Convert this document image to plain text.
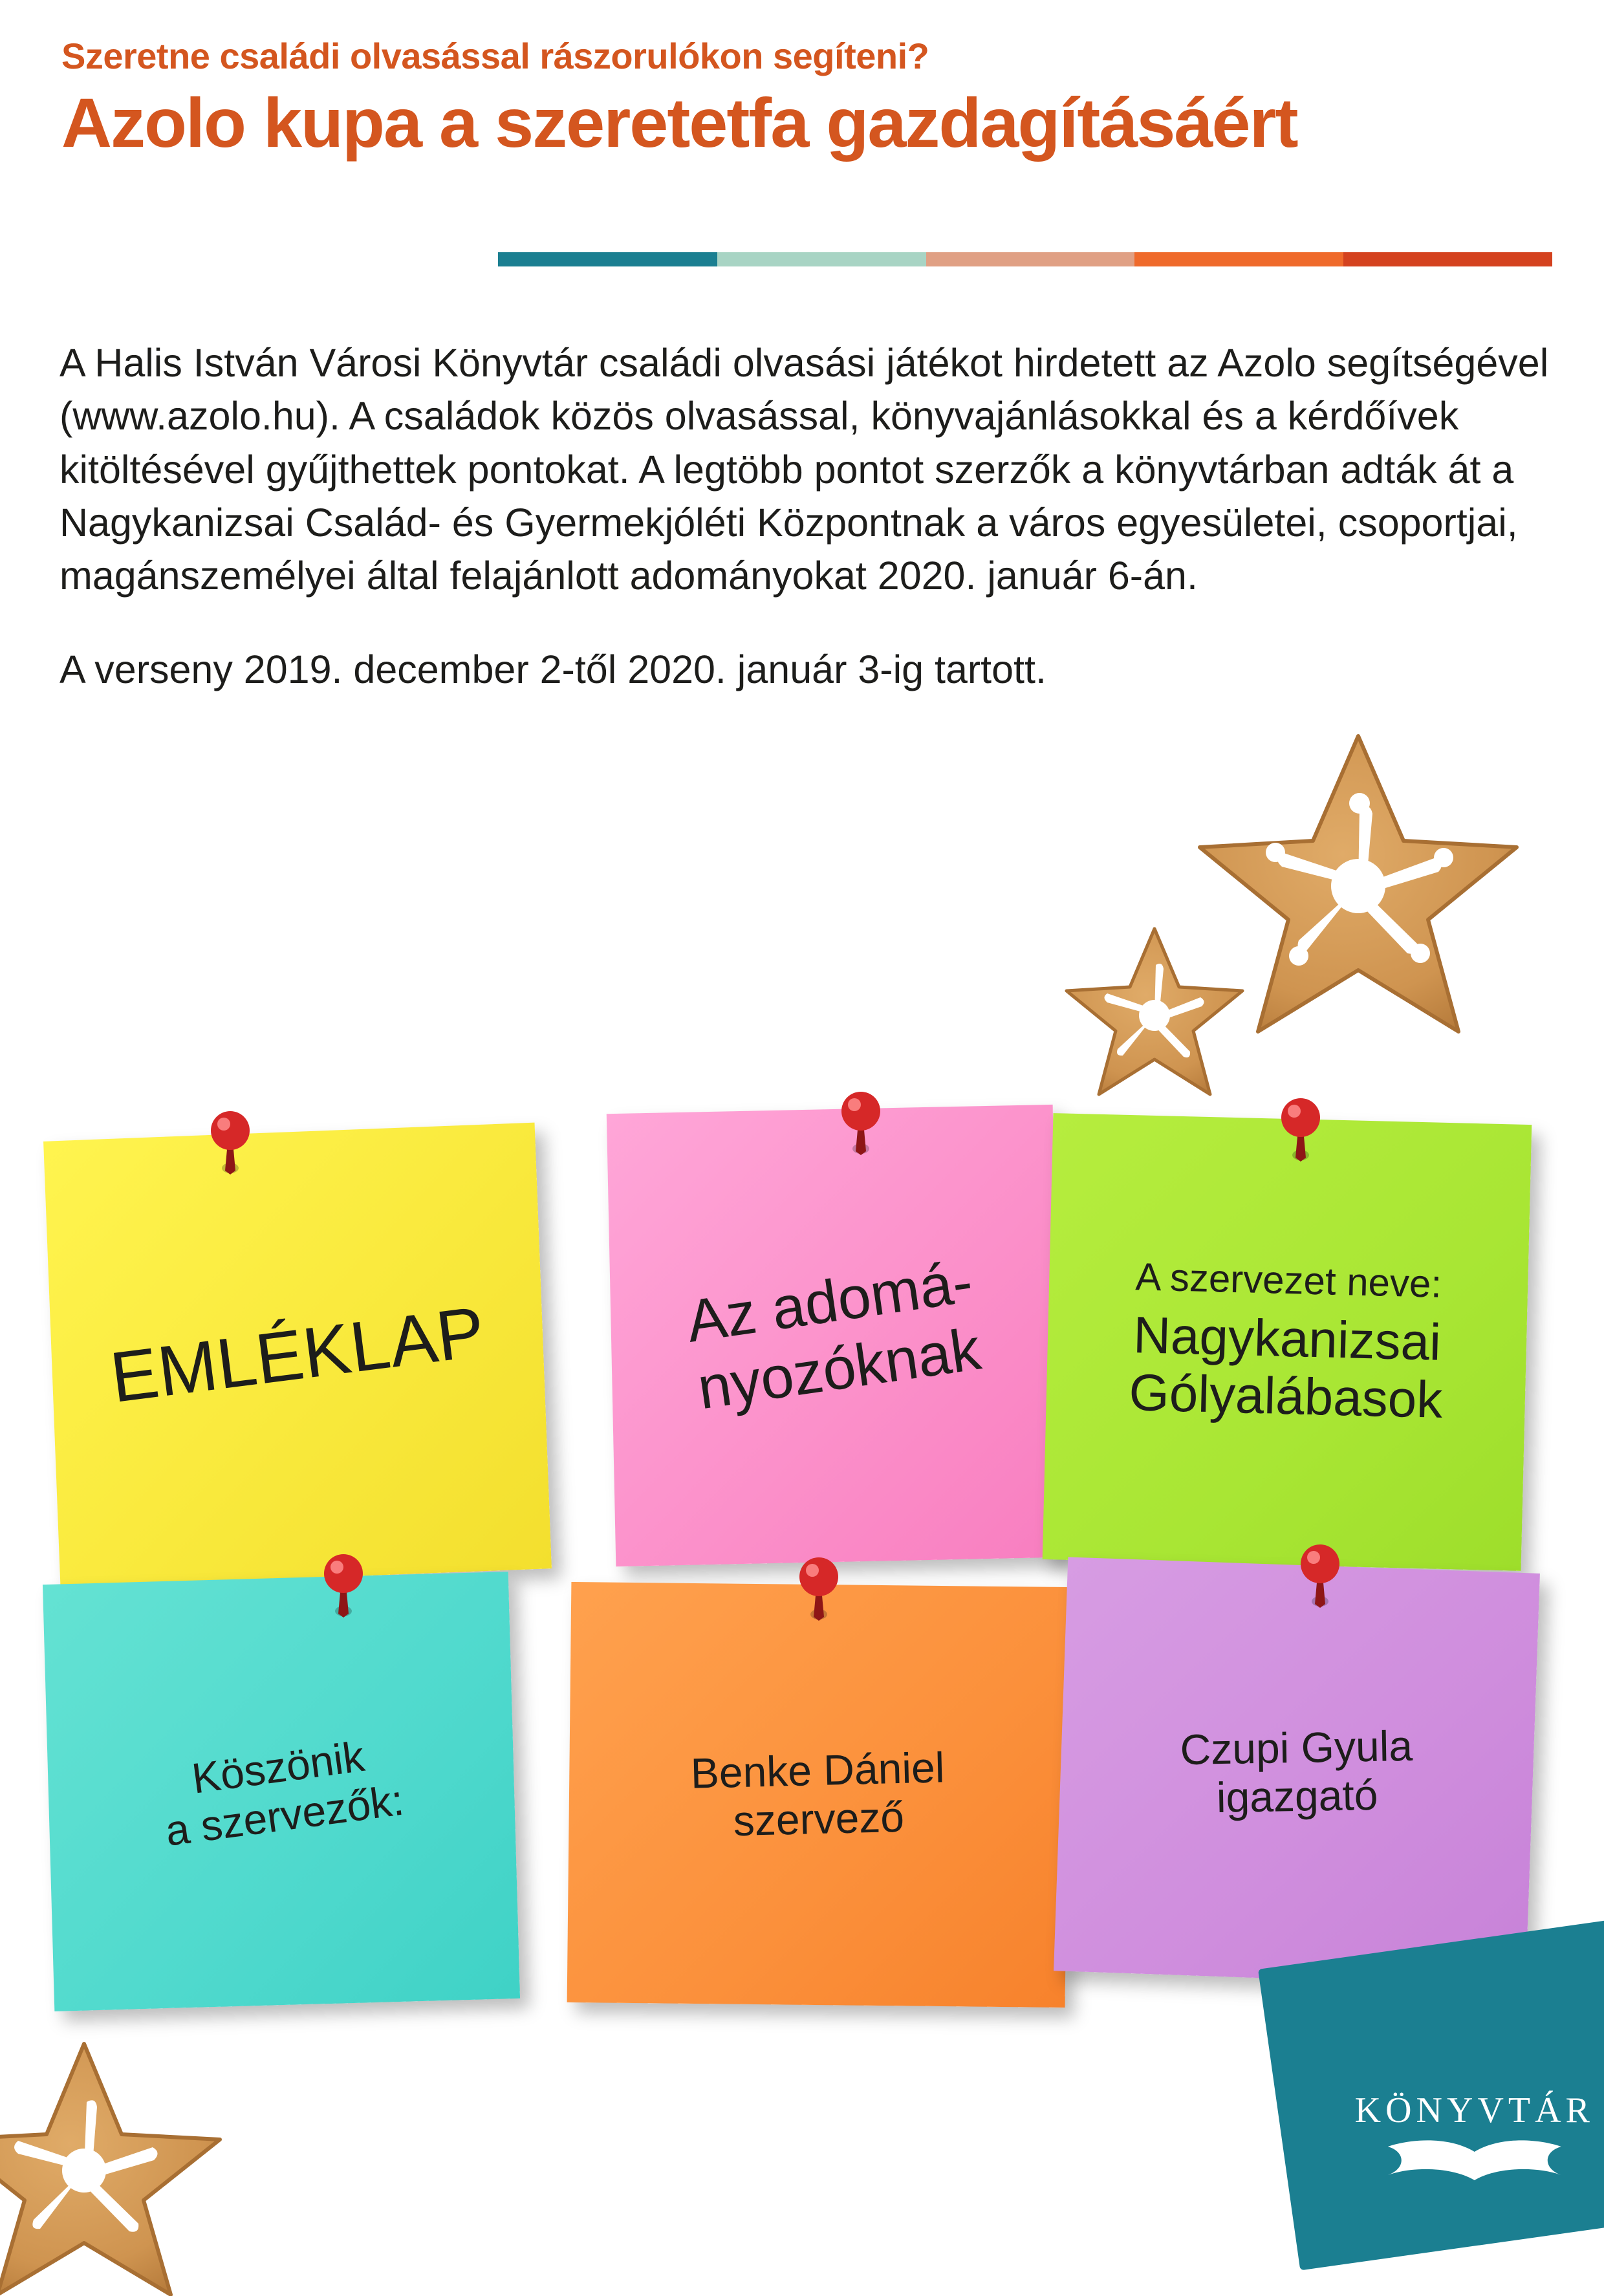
Szeretne családi olvasással rászorulókon segíteni?

Azolo kupa a szeretetfa gazdagításáért

A Halis István Városi Könyvtár családi olvasási játékot hirdetett az Azolo segítségével (www.azolo.hu). A családok közös olvasással, könyvajánlásokkal és a kérdőívek kitöltésével gyűjthettek pontokat. A legtöbb pontot szerzők a könyvtárban adták át a Nagykanizsai Család- és Gyermekjóléti Központnak a város egyesületei, csoportjai, magánszemélyei által felajánlott adományokat 2020. január 6-án.

A verseny 2019. december 2-től 2020. január 3-ig tartott.

EMLÉKLAP	Az adomá-
nyozóknak
A szervezet neve:
Nagykanizsai Gólyalábasok
Köszönik
a szervezők:
Benke Dániel
szervező
Czupi Gyula
igazgató
KÖNYVTÁR
